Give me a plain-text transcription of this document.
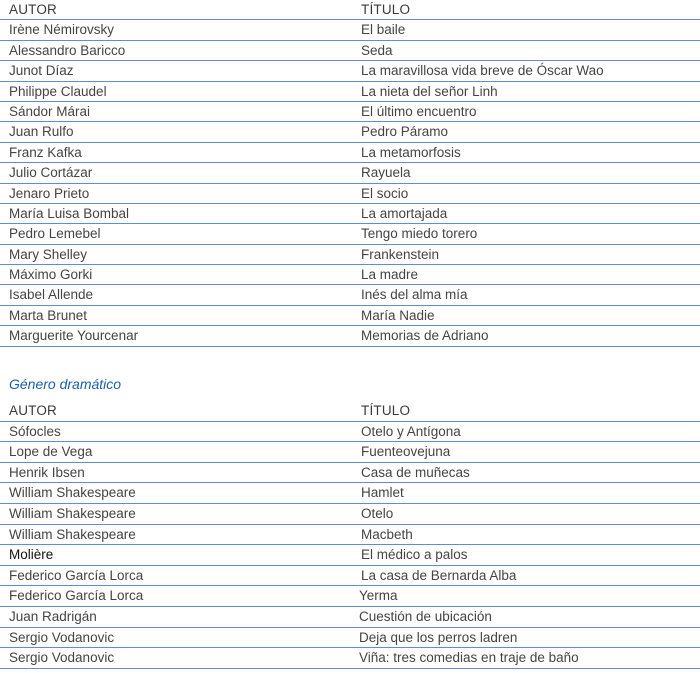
AUTOR	TÍTULO
Irène Némirovsky	El baile
Alessandro Baricco	Seda
Junot Díaz	La maravillosa vida breve de Óscar Wao
Philippe Claudel	La nieta del señor Linh
Sándor Márai	El último encuentro
Juan Rulfo	Pedro Páramo
Franz Kafka	La metamorfosis
Julio Cortázar	Rayuela
Jenaro Prieto	El socio
María Luisa Bombal	La amortajada
Pedro Lemebel	Tengo miedo torero
Mary Shelley	Frankenstein
Máximo Gorki	La madre
Isabel Allende	Inés del alma mía
Marta Brunet	María Nadie
Marguerite Yourcenar	Memorias de Adriano
Género dramático
AUTOR	TÍTULO
Sófocles	Otelo y Antígona
Lope de Vega	Fuenteovejuna
Henrik Ibsen	Casa de muñecas
William Shakespeare	Hamlet
William Shakespeare	Otelo
William Shakespeare	Macbeth
Molière	El médico a palos
Federico García Lorca	La casa de Bernarda Alba
Federico García Lorca	Yerma
Juan Radrigán	Cuestión de ubicación
Sergio Vodanovic	Deja que los perros ladren
Sergio Vodanovic	Viña: tres comedias en traje de baño
